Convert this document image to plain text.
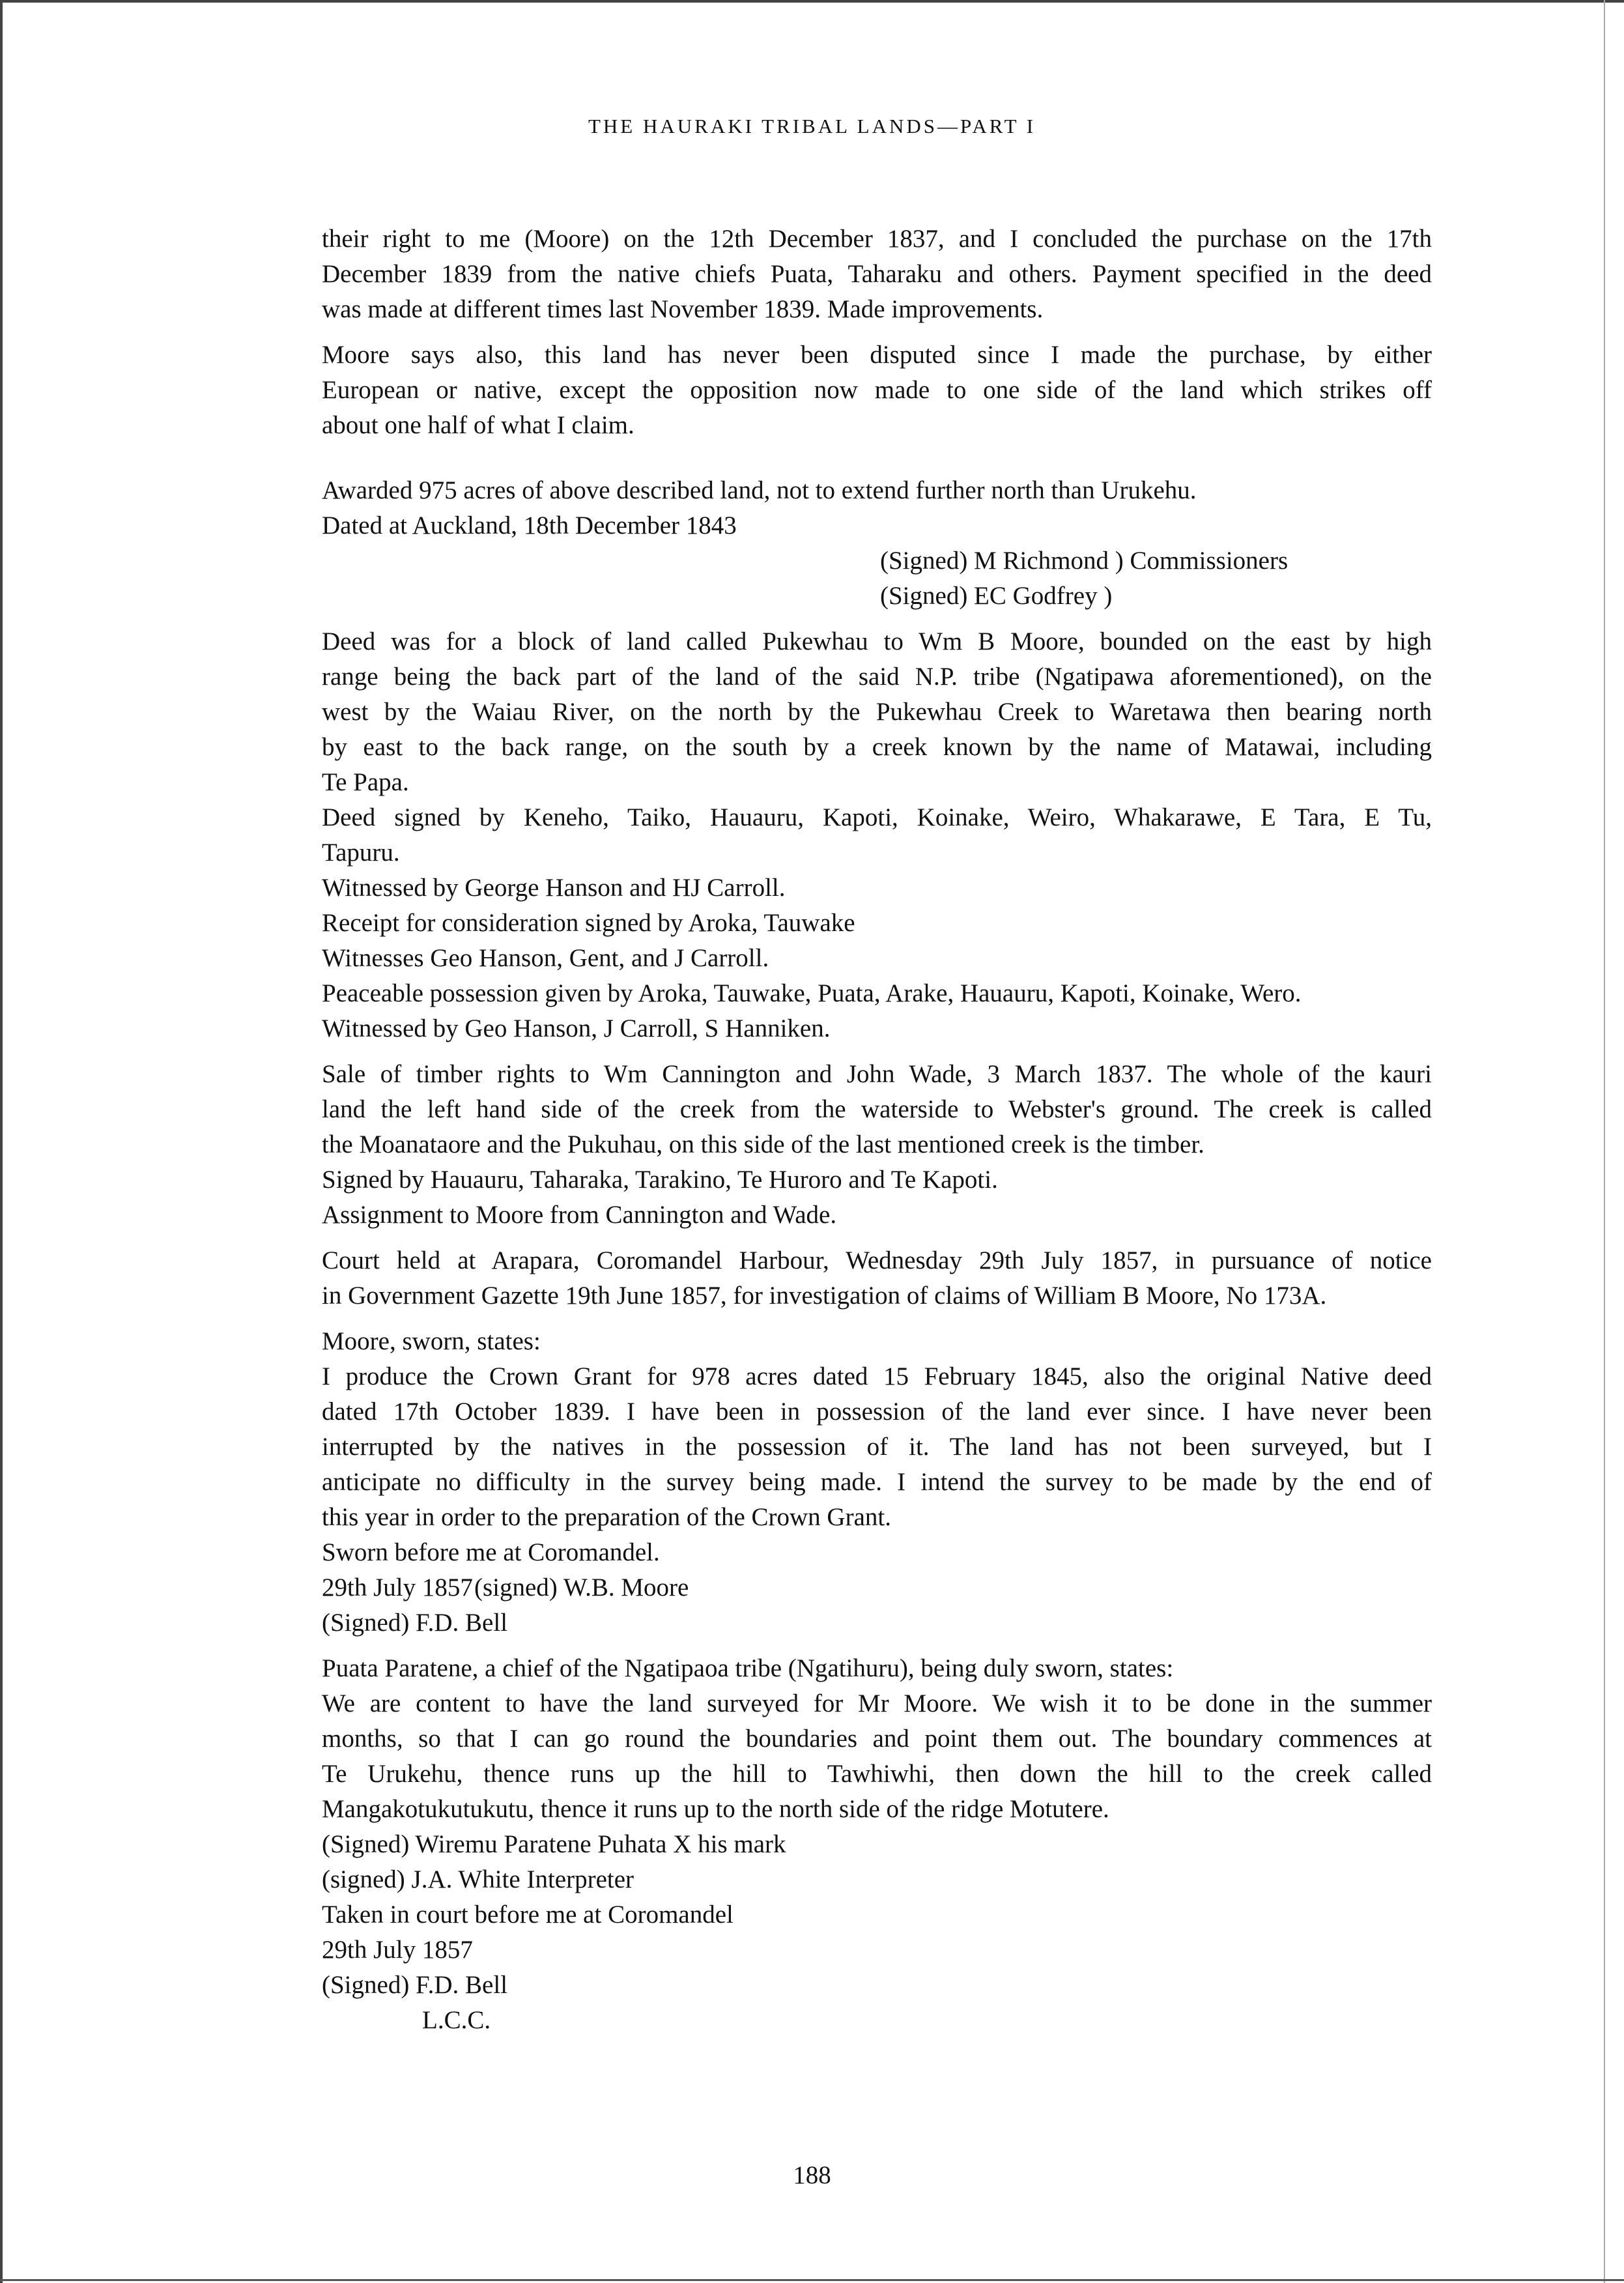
THE HAURAKI TRIBAL LANDS—PART I
their right to me (Moore) on the 12th December 1837, and I concluded the purchase on the 17th
December 1839 from the native chiefs Puata, Taharaku and others. Payment specified in the deed
was made at different times last November 1839. Made improvements.
Moore says also, this land has never been disputed since I made the purchase, by either
European or native, except the opposition now made to one side of the land which strikes off
about one half of what I claim.
Awarded 975 acres of above described land, not to extend further north than Urukehu.
Dated at Auckland, 18th December 1843
(Signed) M Richmond ) Commissioners
(Signed) EC Godfrey )
Deed was for a block of land called Pukewhau to Wm B Moore, bounded on the east by high
range being the back part of the land of the said N.P. tribe (Ngatipawa aforementioned), on the
west by the Waiau River, on the north by the Pukewhau Creek to Waretawa then bearing north
by east to the back range, on the south by a creek known by the name of Matawai, including
Te Papa.
Deed signed by Keneho, Taiko, Hauauru, Kapoti, Koinake, Weiro, Whakarawe, E Tara, E Tu,
Tapuru.
Witnessed by George Hanson and HJ Carroll.
Receipt for consideration signed by Aroka, Tauwake
Witnesses Geo Hanson, Gent, and J Carroll.
Peaceable possession given by Aroka, Tauwake, Puata, Arake, Hauauru, Kapoti, Koinake, Wero.
Witnessed by Geo Hanson, J Carroll, S Hanniken.
Sale of timber rights to Wm Cannington and John Wade, 3 March 1837. The whole of the kauri
land the left hand side of the creek from the waterside to Webster's ground. The creek is called
the Moanataore and the Pukuhau, on this side of the last mentioned creek is the timber.
Signed by Hauauru, Taharaka, Tarakino, Te Huroro and Te Kapoti.
Assignment to Moore from Cannington and Wade.
Court held at Arapara, Coromandel Harbour, Wednesday 29th July 1857, in pursuance of notice
in Government Gazette 19th June 1857, for investigation of claims of William B Moore, No 173A.
Moore, sworn, states:
I produce the Crown Grant for 978 acres dated 15 February 1845, also the original Native deed
dated 17th October 1839. I have been in possession of the land ever since. I have never been
interrupted by the natives in the possession of it. The land has not been surveyed, but I
anticipate no difficulty in the survey being made. I intend the survey to be made by the end of
this year in order to the preparation of the Crown Grant.
Sworn before me at Coromandel.
29th July 1857(signed) W.B. Moore
(Signed) F.D. Bell
Puata Paratene, a chief of the Ngatipaoa tribe (Ngatihuru), being duly sworn, states:
We are content to have the land surveyed for Mr Moore. We wish it to be done in the summer
months, so that I can go round the boundaries and point them out. The boundary commences at
Te Urukehu, thence runs up the hill to Tawhiwhi, then down the hill to the creek called
Mangakotukutukutu, thence it runs up to the north side of the ridge Motutere.
(Signed) Wiremu Paratene Puhata X his mark
(signed) J.A. White Interpreter
Taken in court before me at Coromandel
29th July 1857
(Signed) F.D. Bell
L.C.C.
188
